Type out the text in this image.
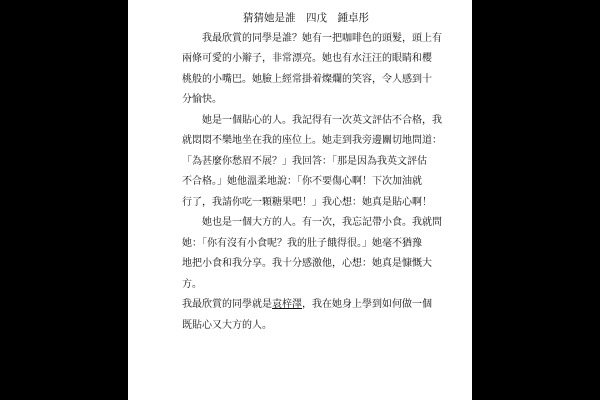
猜猜她是誰　四戊　鍾卓彤

我最欣賞的同學是誰？她有一把咖啡色的頭髮，頭上有
兩條可愛的小辮子，非常漂亮。她也有水汪汪的眼睛和櫻
桃般的小嘴巴。她臉上經常掛着燦爛的笑容，令人感到十
分愉快。

她是一個貼心的人。我記得有一次英文評估不合格，我
就悶悶不樂地坐在我的座位上。她走到我旁邊關切地問道：
「為甚麼你愁眉不展？」我回答：「那是因為我英文評估
不合格。」她他溫柔地說：「你不要傷心啊！下次加油就
行了，我請你吃一顆糖果吧！」我心想：她真是貼心啊！

她也是一個大方的人。有一次，我忘記帶小食。我就問
她：「你有沒有小食呢？我的肚子餓得很。」她毫不猶豫
地把小食和我分享。我十分感激他，心想：她真是慷慨大
方。

我最欣賞的同學就是袁梓澤，我在她身上學到如何做一個
既貼心又大方的人。
